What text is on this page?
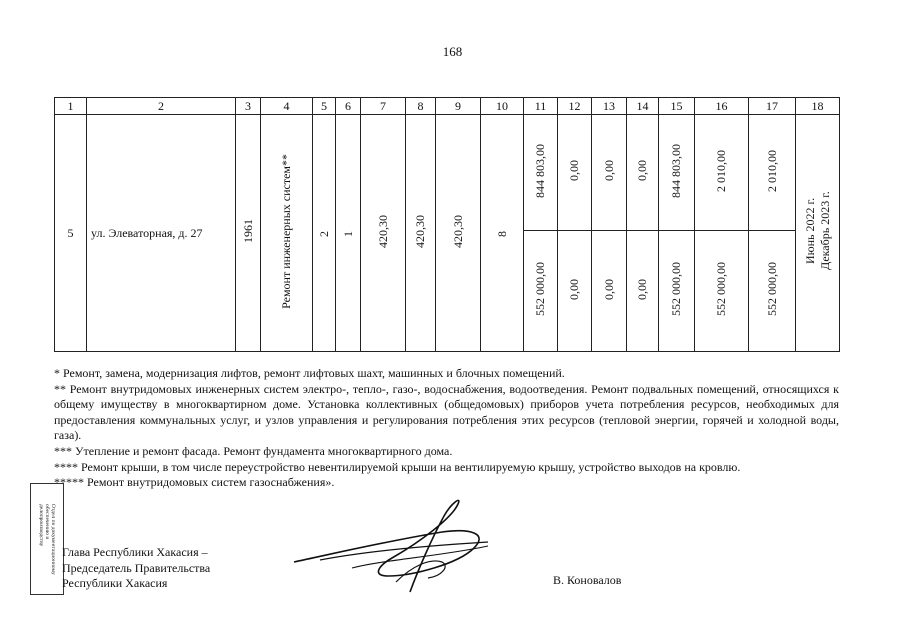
168
1	2	3	4	5	6	7	8	9	10	11	12	13	14	15	16	17	18
5	ул. Элеваторная, д. 27	1961	Ремонт инженерных систем**	2	1	420,30	420,30	420,30	8	844 803,00	0,00	0,00	0,00	844 803,00	2 010,00	2 010,00	Июнь 2022 г. Декабрь 2023 г.
										552 000,00	0,00	0,00	0,00	552 000,00	552 000,00	552 000,00	

* Ремонт, замена, модернизация лифтов, ремонт лифтовых шахт, машинных и блочных помещений.

** Ремонт внутридомовых инженерных систем электро-, тепло-, газо-, водоснабжения, водоотведения. Ремонт подвальных помещений, относящихся к общему имуществу в многоквартирном доме. Установка коллективных (общедомовых) приборов учета потребления ресурсов, необходимых для предоставления коммунальных услуг, и узлов управления и регулирования потребления этих ресурсов (тепловой энергии, горячей и холодной воды, газа).

*** Утепление и ремонт фасада. Ремонт фундамента многоквартирного дома.

**** Ремонт крыши, в том числе переустройство невентилируемой крыши на вентилируемую крышу, устройство выходов на кровлю.

***** Ремонт внутридомовых систем газоснабжения».

Отдел по документационному
обеспечению и
делопроизводству
Глава Республики Хакасия –
Председатель Правительства
Республики Хакасия	В. Коновалов
